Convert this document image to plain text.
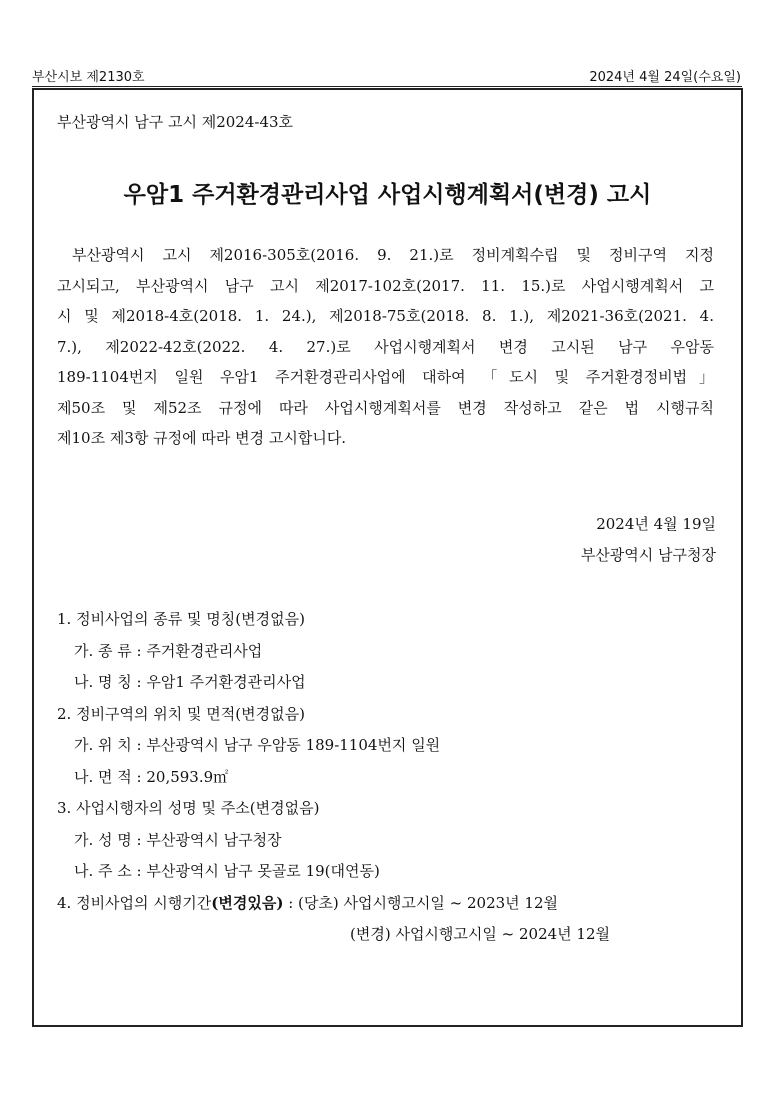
부산시보 제2130호	2024년 4월 24일(수요일)
부산광역시 남구 고시 제2024-43호
우암1 주거환경관리사업 사업시행계획서(변경) 고시
부산광역시 고시 제2016-305호(2016. 9. 21.)로 정비계획수립 및 정비구역 지정
고시되고, 부산광역시 남구 고시 제2017-102호(2017. 11. 15.)로 사업시행계획서 고
시 및 제2018-4호(2018. 1. 24.), 제2018-75호(2018. 8. 1.), 제2021-36호(2021. 4.
7.), 제2022-42호(2022. 4. 27.)로 사업시행계획서 변경 고시된 남구 우암동
189-1104번지 일원 우암1 주거환경관리사업에 대하여 「도시 및 주거환경정비법」
제50조 및 제52조 규정에 따라 사업시행계획서를 변경 작성하고 같은 법 시행규칙
제10조 제3항 규정에 따라 변경 고시합니다.
2024년 4월 19일
부산광역시 남구청장
1. 정비사업의 종류 및 명칭(변경없음)
가. 종 류 : 주거환경관리사업
나. 명 칭 : 우암1 주거환경관리사업
2. 정비구역의 위치 및 면적(변경없음)
가. 위 치 : 부산광역시 남구 우암동 189-1104번지 일원
나. 면 적 : 20,593.9㎡
3. 사업시행자의 성명 및 주소(변경없음)
가. 성 명 : 부산광역시 남구청장
나. 주 소 : 부산광역시 남구 못골로 19(대연동)
4. 정비사업의 시행기간(변경있음) : (당초) 사업시행고시일 ~ 2023년 12월
(변경) 사업시행고시일 ~ 2024년 12월
